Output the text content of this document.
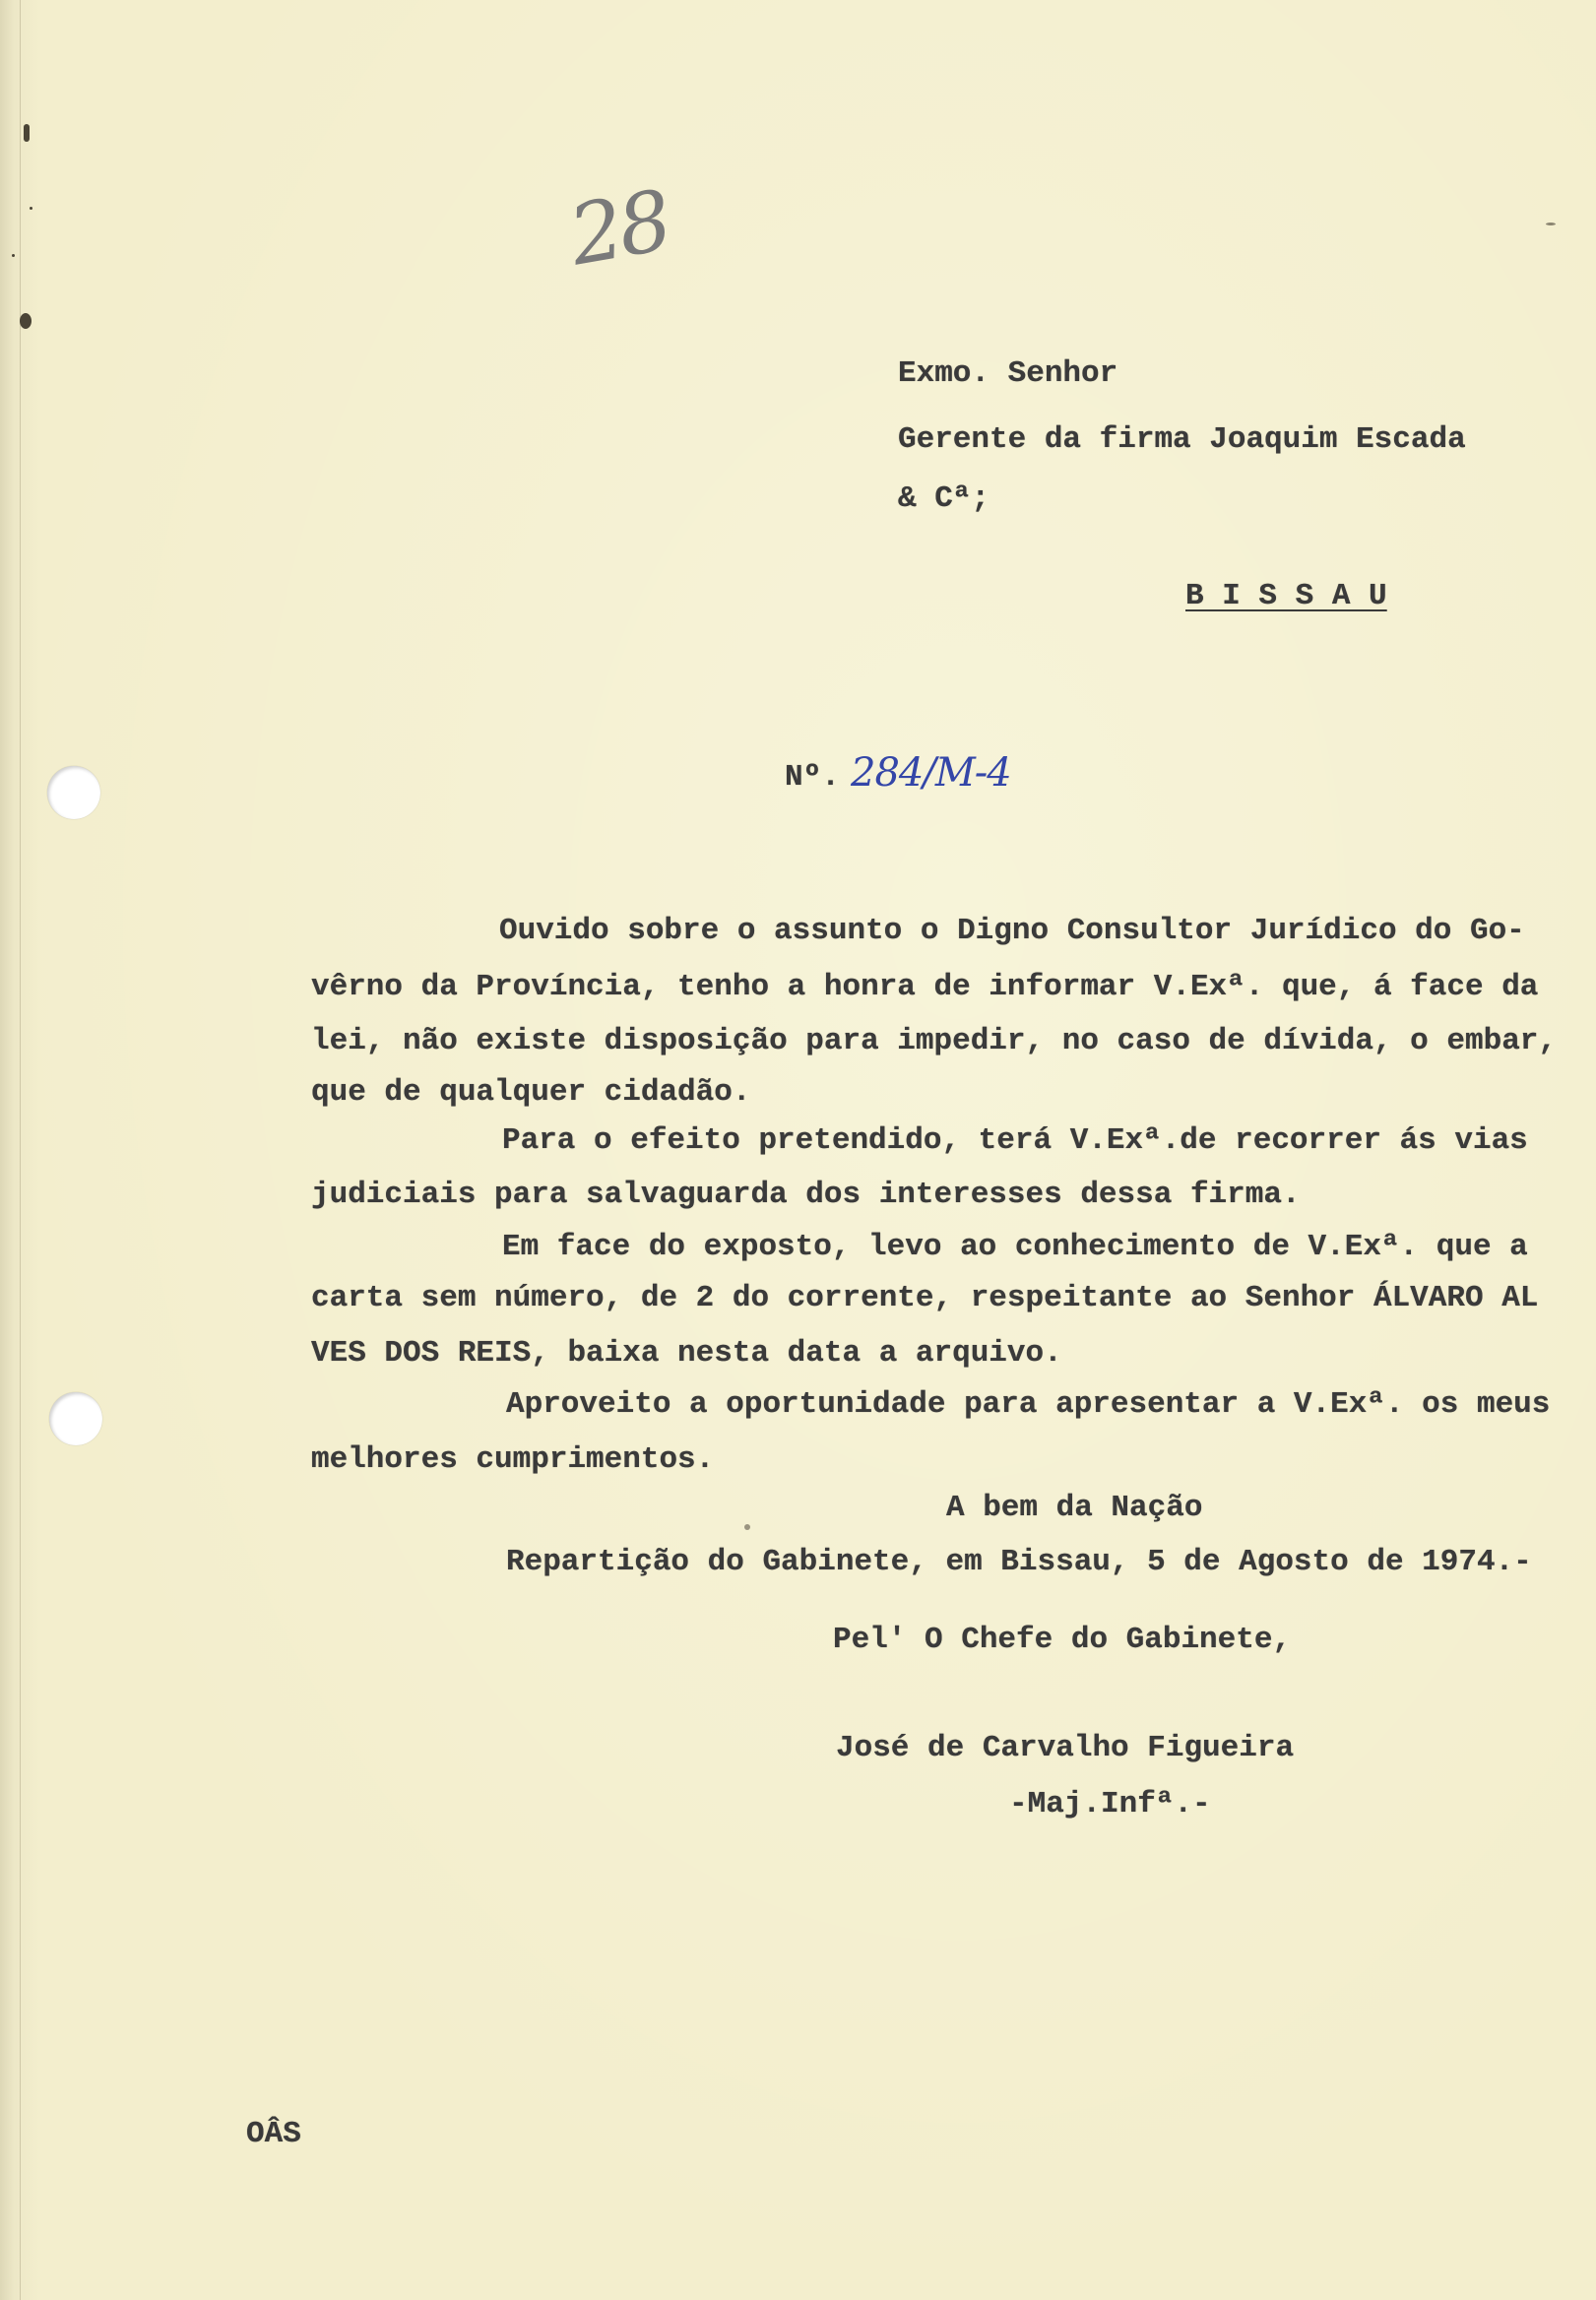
28
Exmo. Senhor
Gerente da firma Joaquim Escada
& Cª;
B I S S A U
Nº. 284/M-4
Ouvido sobre o assunto o Digno Consultor Jurídico do Go-
vêrno da Província, tenho a honra de informar V.Exª. que, á face da
lei, não existe disposição para impedir, no caso de dívida, o embar,
que de qualquer cidadão.
Para o efeito pretendido, terá V.Exª.de recorrer ás vias
judiciais para salvaguarda dos interesses dessa firma.
Em face do exposto, levo ao conhecimento de V.Exª. que a
carta sem número, de 2 do corrente, respeitante ao Senhor ÁLVARO AL
VES DOS REIS, baixa nesta data a arquivo.
Aproveito a oportunidade para apresentar a V.Exª. os meus
melhores cumprimentos.
A bem da Nação
Repartição do Gabinete, em Bissau, 5 de Agosto de 1974.-
Pel' O Chefe do Gabinete,
José de Carvalho Figueira
-Maj.Infª.-
OÂS
